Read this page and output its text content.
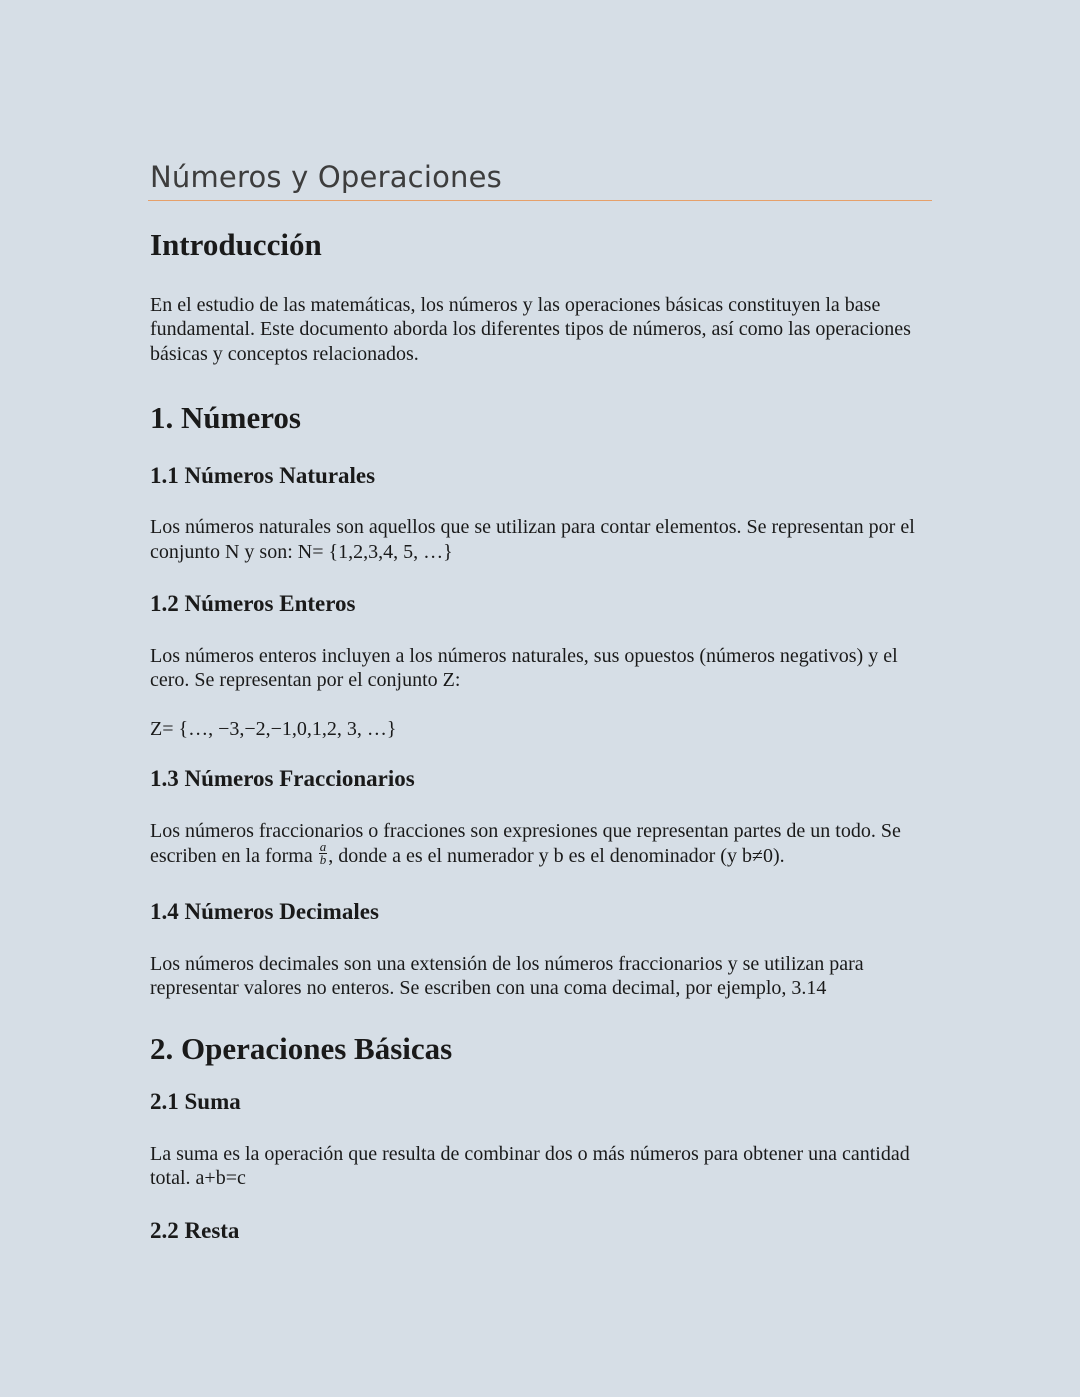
Números y Operaciones
Introducción

En el estudio de las matemáticas, los números y las operaciones básicas constituyen la base fundamental. Este documento aborda los diferentes tipos de números, así como las operaciones básicas y conceptos relacionados.

1. Números
1.1 Números Naturales

Los números naturales son aquellos que se utilizan para contar elementos. Se representan por el conjunto N y son: N= {1,2,3,4, 5, …}

1.2 Números Enteros

Los números enteros incluyen a los números naturales, sus opuestos (números negativos) y el cero. Se representan por el conjunto Z:

Z= {…, −3,−2,−1,0,1,2, 3, …}

1.3 Números Fraccionarios

Los números fraccionarios o fracciones son expresiones que representan partes de un todo. Se escriben en la forma $\frac{a}{b}$ , donde a es el numerador y b es el denominador (y b≠0).

1.4 Números Decimales

Los números decimales son una extensión de los números fraccionarios y se utilizan para representar valores no enteros. Se escriben con una coma decimal, por ejemplo, 3.14

2. Operaciones Básicas
2.1 Suma

La suma es la operación que resulta de combinar dos o más números para obtener una cantidad total. a+b=c

2.2 Resta
